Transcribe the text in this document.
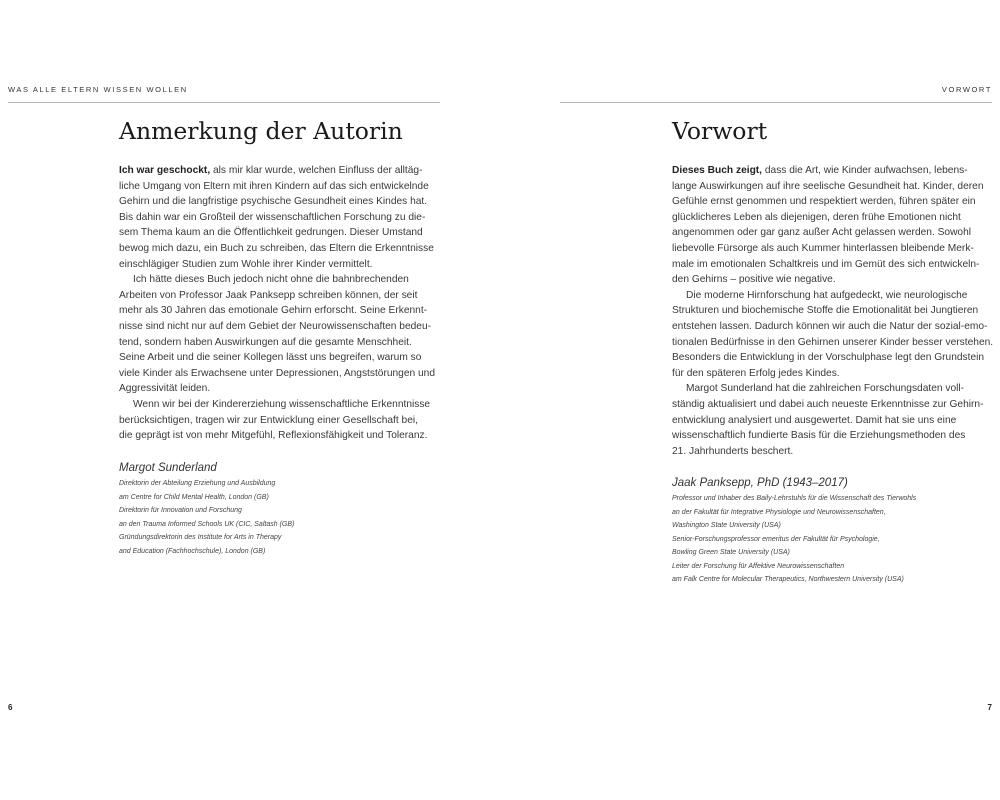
WAS ALLE ELTERN WISSEN WOLLEN
Anmerkung der Autorin
Ich war geschockt, als mir klar wurde, welchen Einfluss der alltäg-
liche Umgang von Eltern mit ihren Kindern auf das sich entwickelnde
Gehirn und die langfristige psychische Gesundheit eines Kindes hat.
Bis dahin war ein Großteil der wissenschaftlichen Forschung zu die-
sem Thema kaum an die Öffentlichkeit gedrungen. Dieser Umstand
bewog mich dazu, ein Buch zu schreiben, das Eltern die Erkenntnisse
einschlägiger Studien zum Wohle ihrer Kinder vermittelt.
Ich hätte dieses Buch jedoch nicht ohne die bahnbrechenden
Arbeiten von Professor Jaak Panksepp schreiben können, der seit
mehr als 30 Jahren das emotionale Gehirn erforscht. Seine Erkennt-
nisse sind nicht nur auf dem Gebiet der Neurowissenschaften bedeu-
tend, sondern haben Auswirkungen auf die gesamte Menschheit.
Seine Arbeit und die seiner Kollegen lässt uns begreifen, warum so
viele Kinder als Erwachsene unter Depressionen, Angststörungen und
Aggressivität leiden.
Wenn wir bei der Kindererziehung wissenschaftliche Erkenntnisse
berücksichtigen, tragen wir zur Entwicklung einer Gesellschaft bei,
die geprägt ist von mehr Mitgefühl, Reflexionsfähigkeit und Toleranz.
Margot Sunderland
Direktorin der Abteilung Erziehung und Ausbildung
am Centre for Child Mental Health, London (GB)
Direktorin für Innovation und Forschung
an den Trauma Informed Schools UK (CIC, Saltash (GB)
Gründungsdirektorin des Institute for Arts in Therapy
and Education (Fachhochschule), London (GB)
6
VORWORT
Vorwort
Dieses Buch zeigt, dass die Art, wie Kinder aufwachsen, lebens-
lange Auswirkungen auf ihre seelische Gesundheit hat. Kinder, deren
Gefühle ernst genommen und respektiert werden, führen später ein
glücklicheres Leben als diejenigen, deren frühe Emotionen nicht
angenommen oder gar ganz außer Acht gelassen werden. Sowohl
liebevolle Fürsorge als auch Kummer hinterlassen bleibende Merk-
male im emotionalen Schaltkreis und im Gemüt des sich entwickeln-
den Gehirns – positive wie negative.
Die moderne Hirnforschung hat aufgedeckt, wie neurologische
Strukturen und biochemische Stoffe die Emotionalität bei Jungtieren
entstehen lassen. Dadurch können wir auch die Natur der sozial-emo-
tionalen Bedürfnisse in den Gehirnen unserer Kinder besser verstehen.
Besonders die Entwicklung in der Vorschulphase legt den Grundstein
für den späteren Erfolg jedes Kindes.
Margot Sunderland hat die zahlreichen Forschungsdaten voll-
ständig aktualisiert und dabei auch neueste Erkenntnisse zur Gehirn-
entwicklung analysiert und ausgewertet. Damit hat sie uns eine
wissenschaftlich fundierte Basis für die Erziehungsmethoden des
21. Jahrhunderts beschert.
Jaak Panksepp, PhD (1943–2017)
Professor und Inhaber des Baily-Lehrstuhls für die Wissenschaft des Tierwohls
an der Fakultät für Integrative Physiologie und Neurowissenschaften,
Washington State University (USA)
Senior-Forschungsprofessor emeritus der Fakultät für Psychologie,
Bowling Green State University (USA)
Leiter der Forschung für Affektive Neurowissenschaften
am Falk Centre for Molecular Therapeutics, Northwestern University (USA)
7
